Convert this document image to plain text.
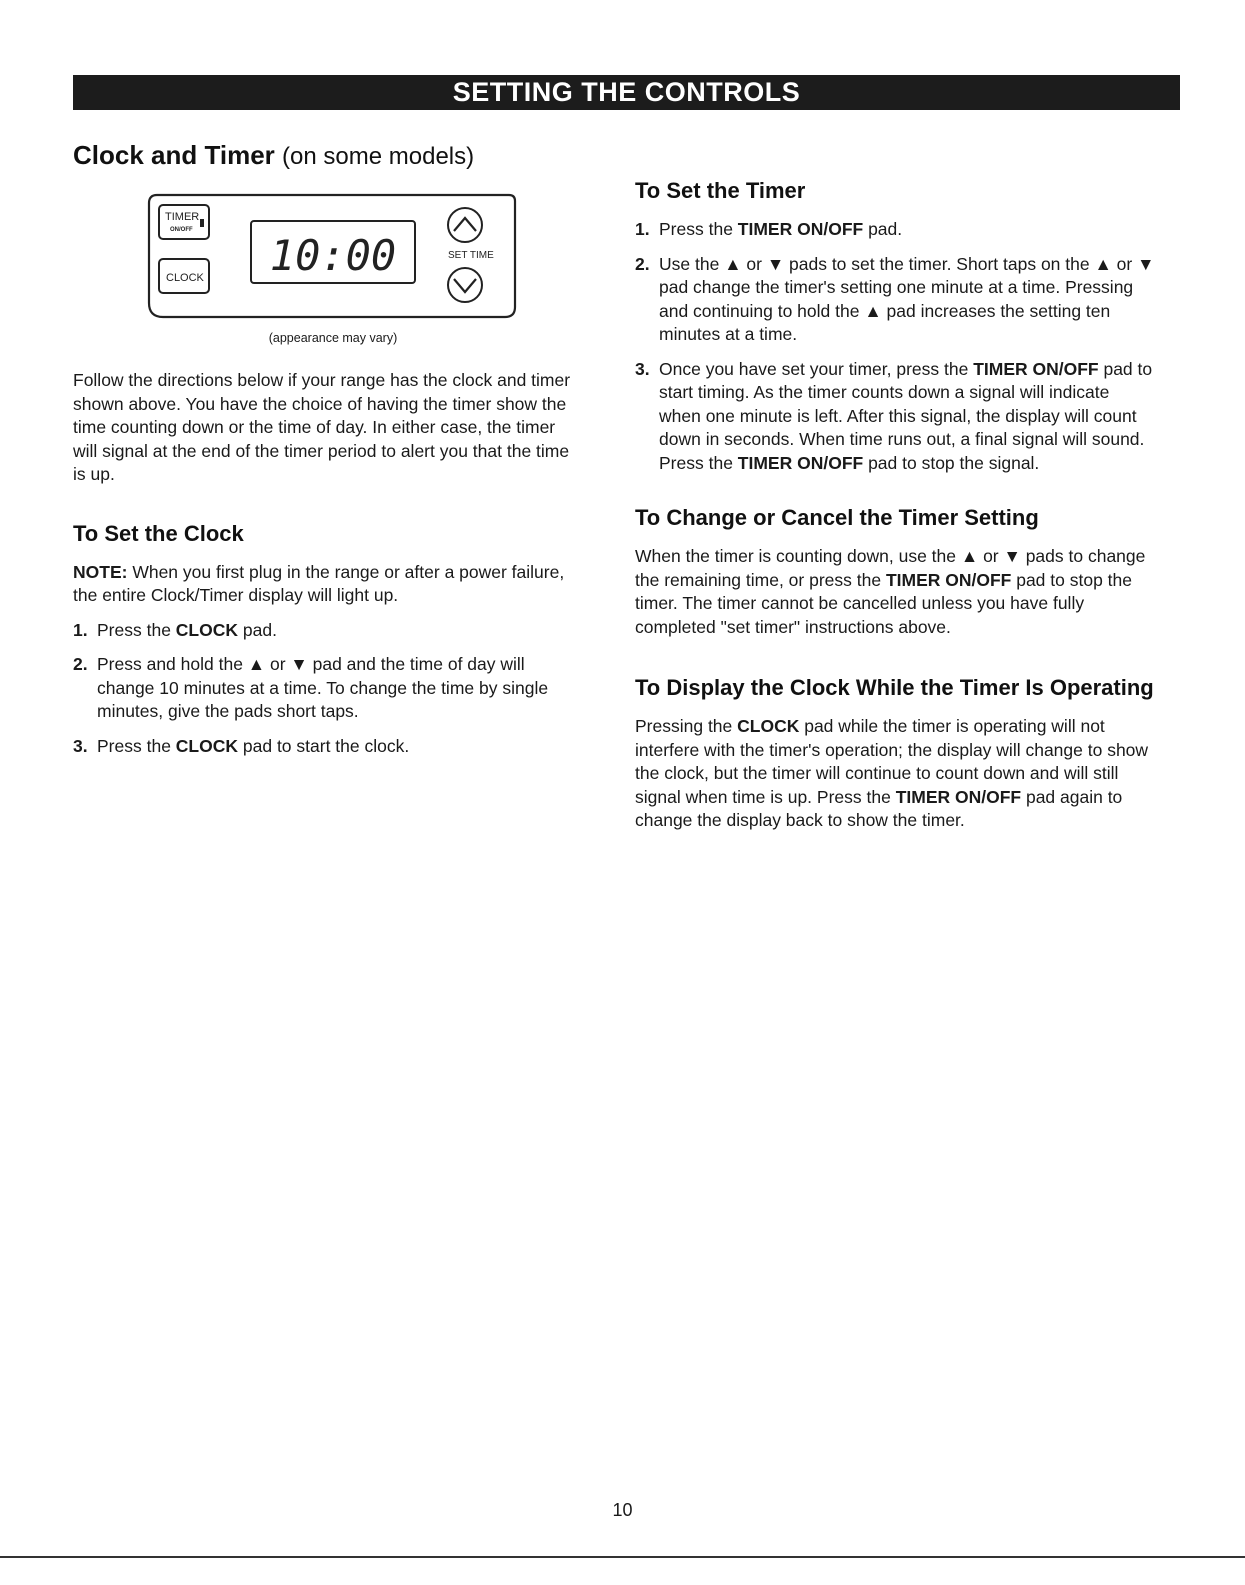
SETTING THE CONTROLS
Clock and Timer (on some models)
TIMER
ON/OFF
CLOCK 10:00	SET TIME
(appearance may vary)

Follow the directions below if your range has the clock and timer shown above. You have the choice of having the timer show the time counting down or the time of day. In either case, the timer will signal at the end of the timer period to alert you that the time is up.

To Set the Clock

NOTE: When you first plug in the range or after a power failure, the entire Clock/Timer display will light up.

1. Press the CLOCK pad.
2. Press and hold the ▲ or ▼ pad and the time of day will change 10 minutes at a time. To change the time by single minutes, give the pads short taps.
3. Press the CLOCK pad to start the clock.
To Set the Timer
1. Press the TIMER ON/OFF pad.
2. Use the ▲ or ▼ pads to set the timer. Short taps on the ▲ or ▼ pad change the timer's setting one minute at a time. Pressing and continuing to hold the ▲ pad increases the setting ten minutes at a time.
3. Once you have set your timer, press the TIMER ON/OFF pad to start timing. As the timer counts down a signal will indicate when one minute is left. After this signal, the display will count down in seconds. When time runs out, a final signal will sound. Press the TIMER ON/OFF pad to stop the signal.
To Change or Cancel the Timer Setting

When the timer is counting down, use the ▲ or ▼ pads to change the remaining time, or press the TIMER ON/OFF pad to stop the timer. The timer cannot be cancelled unless you have fully completed "set timer" instructions above.

To Display the Clock While the Timer Is Operating

Pressing the CLOCK pad while the timer is operating will not interfere with the timer's operation; the display will change to show the clock, but the timer will continue to count down and will still signal when time is up. Press the TIMER ON/OFF pad again to change the display back to show the timer.

10
